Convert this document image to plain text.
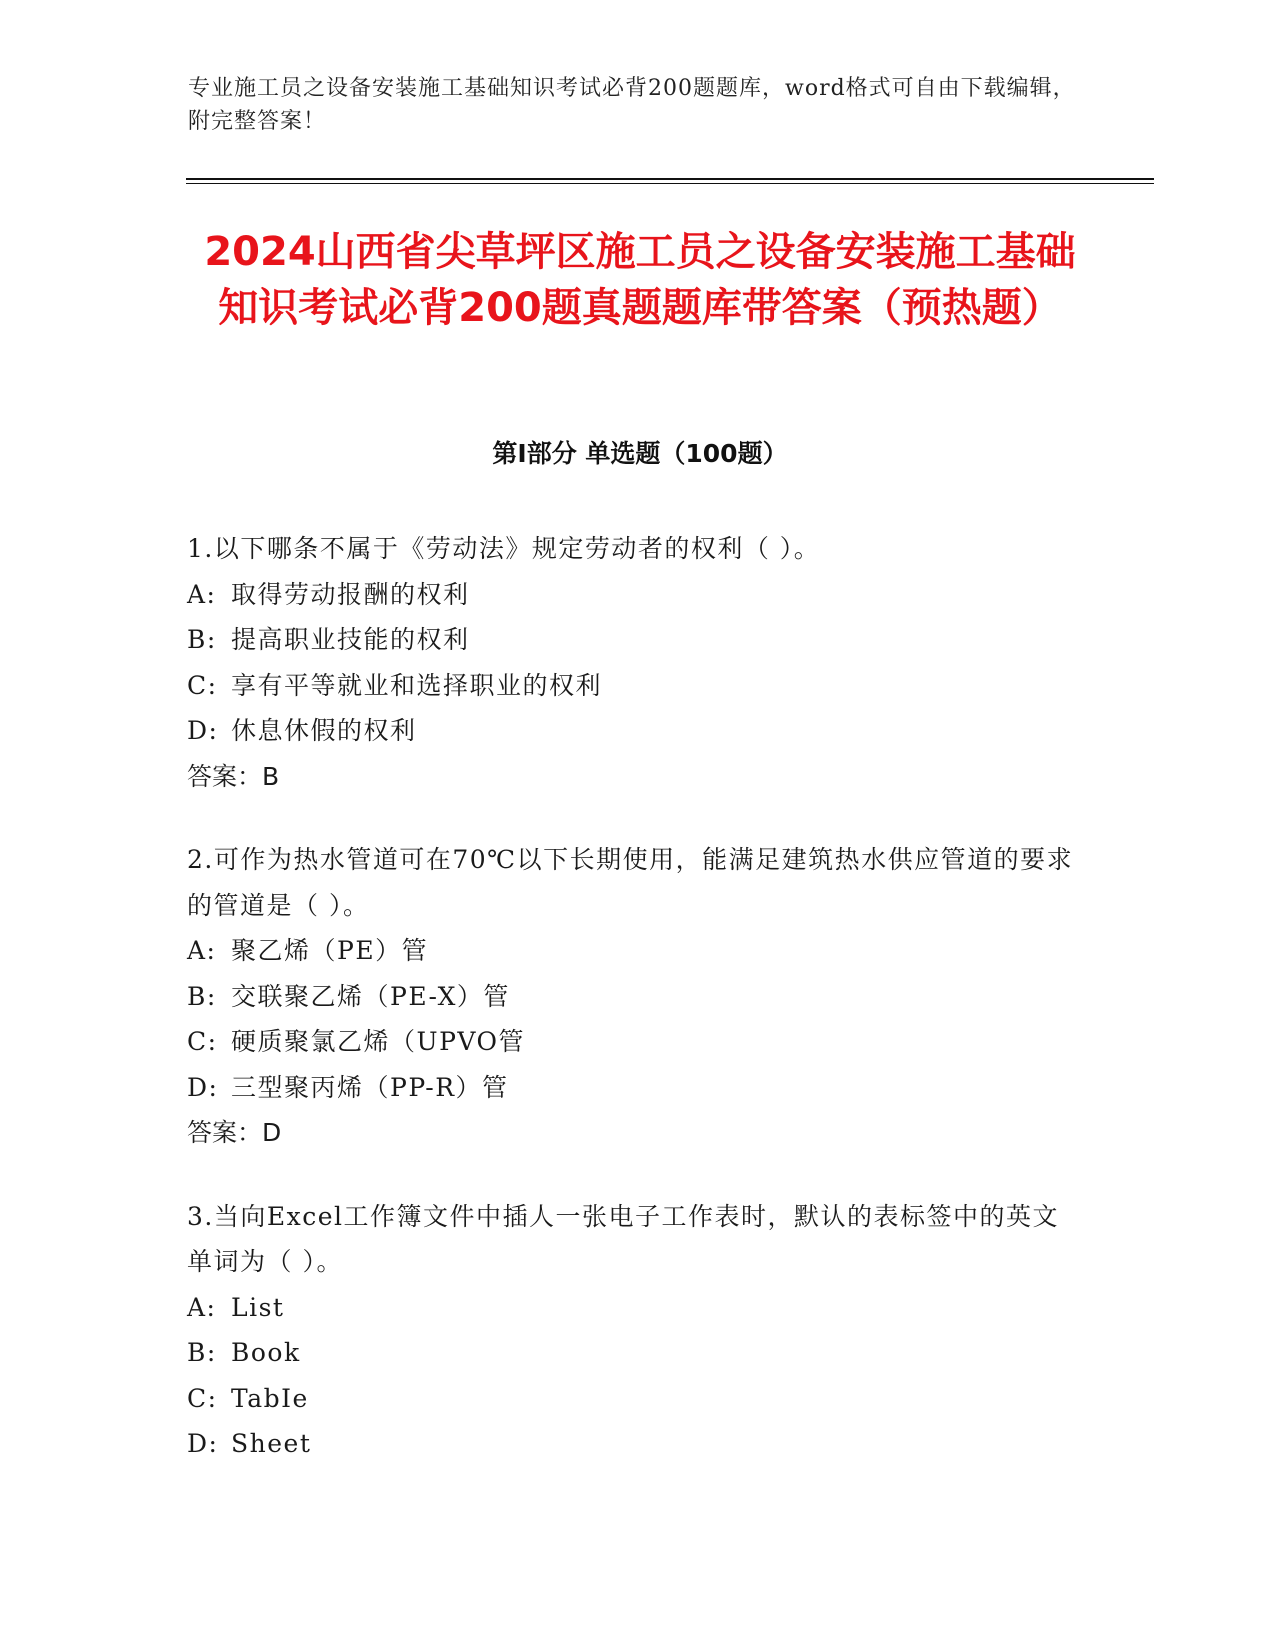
专业施工员之设备安装施工基础知识考试必背200题题库，word格式可自由下载编辑，附完整答案！
2024山西省尖草坪区施工员之设备安装施工基础知识考试必背200题真题题库带答案（预热题）
第I部分 单选题（100题）

1.以下哪条不属于《劳动法》规定劳动者的权利（ ）。

A: 取得劳动报酬的权利

B: 提高职业技能的权利

C: 享有平等就业和选择职业的权利

D: 休息休假的权利

答案：B

2.可作为热水管道可在70℃以下长期使用，能满足建筑热水供应管道的要求的管道是（ ）。

A: 聚乙烯（PE）管

B: 交联聚乙烯（PE-X）管

C: 硬质聚氯乙烯（UPVO管

D: 三型聚丙烯（PP-R）管

答案：D

3.当向Excel工作簿文件中插人一张电子工作表时，默认的表标签中的英文单词为（ ）。

A: List

B: Book

C: TabIe

D: Sheet
